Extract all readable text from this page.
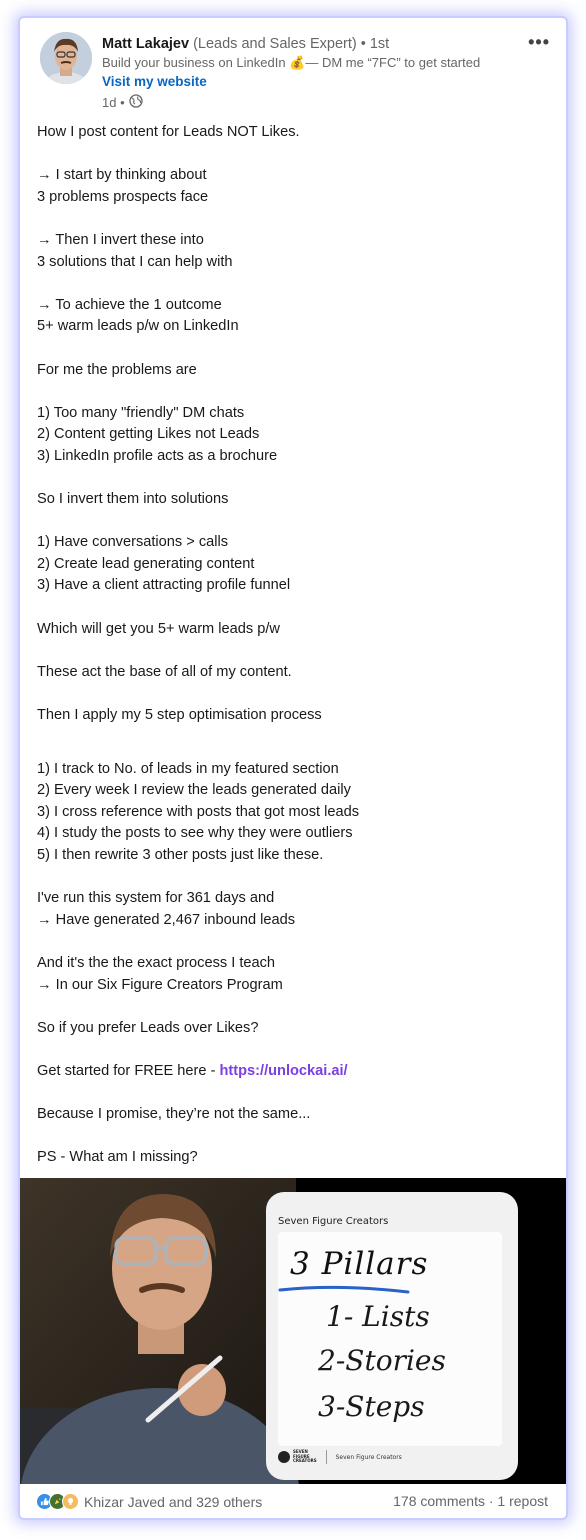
Matt Lakajev (Leads and Sales Expert) • 1st
Build your business on LinkedIn 💰— DM me “7FC” to get started
Visit my website
1d •
•••
How I post content for Leads NOT Likes.
→ I start by thinking about
3 problems prospects face
→ Then I invert these into
3 solutions that I can help with
→ To achieve the 1 outcome
5+ warm leads p/w on LinkedIn
For me the problems are
1) Too many "friendly" DM chats
2) Content getting Likes not Leads
3) LinkedIn profile acts as a brochure
So I invert them into solutions
1) Have conversations > calls
2) Create lead generating content
3) Have a client attracting profile funnel
Which will get you 5+ warm leads p/w
These act the base of all of my content.
Then I apply my 5 step optimisation process
1) I track to No. of leads in my featured section
2) Every week I review the leads generated daily
3) I cross reference with posts that got most leads
4) I study the posts to see why they were outliers
5) I then rewrite 3 other posts just like these.
I've run this system for 361 days and
→ Have generated 2,467 inbound leads
And it's the the exact process I teach
→ In our Six Figure Creators Program
So if you prefer Leads over Likes?
Get started for FREE here - https://unlockai.ai/
Because I promise, they’re not the same...
PS - What am I missing?
Seven Figure Creators
3 Pillars
1- Lists
2-Stories
3-Steps
SEVEN
FIGURE
CREATORS
Seven Figure Creators
Khizar Javed and 329 others	178 comments · 1 repost
